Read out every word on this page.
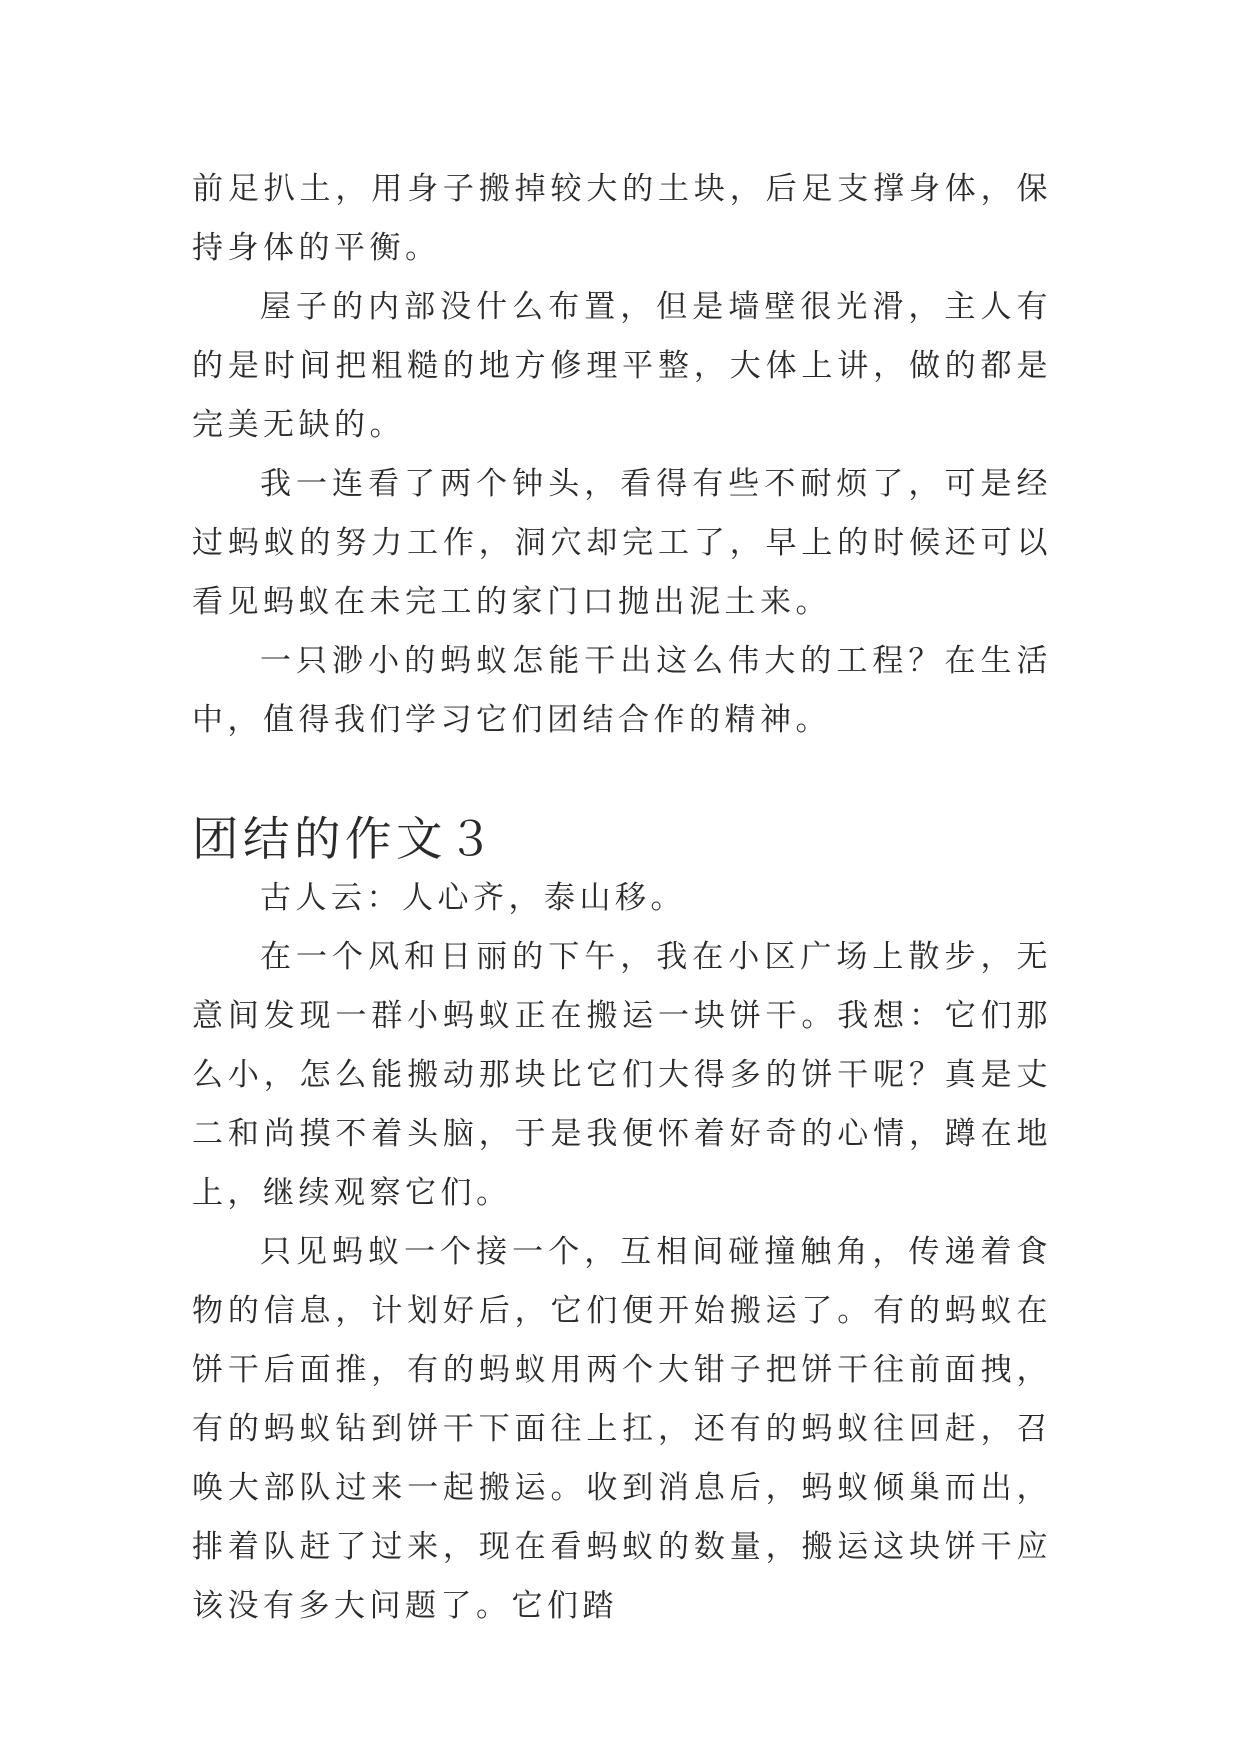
前足扒土，用身子搬掉较大的土块，后足支撑身体，保持身体的平衡。

屋子的内部没什么布置，但是墙壁很光滑，主人有的是时间把粗糙的地方修理平整，大体上讲，做的都是完美无缺的。

我一连看了两个钟头，看得有些不耐烦了，可是经过蚂蚁的努力工作，洞穴却完工了，早上的时候还可以看见蚂蚁在未完工的家门口抛出泥土来。

一只渺小的蚂蚁怎能干出这么伟大的工程？在生活中，值得我们学习它们团结合作的精神。

团结的作文３

古人云：人心齐，泰山移。

在一个风和日丽的下午，我在小区广场上散步，无意间发现一群小蚂蚁正在搬运一块饼干。我想：它们那么小，怎么能搬动那块比它们大得多的饼干呢？真是丈二和尚摸不着头脑，于是我便怀着好奇的心情，蹲在地上，继续观察它们。

只见蚂蚁一个接一个，互相间碰撞触角，传递着食物的信息，计划好后，它们便开始搬运了。有的蚂蚁在饼干后面推，有的蚂蚁用两个大钳子把饼干往前面拽，有的蚂蚁钻到饼干下面往上扛，还有的蚂蚁往回赶，召唤大部队过来一起搬运。收到消息后，蚂蚁倾巢而出，排着队赶了过来，现在看蚂蚁的数量，搬运这块饼干应该没有多大问题了。它们踏
